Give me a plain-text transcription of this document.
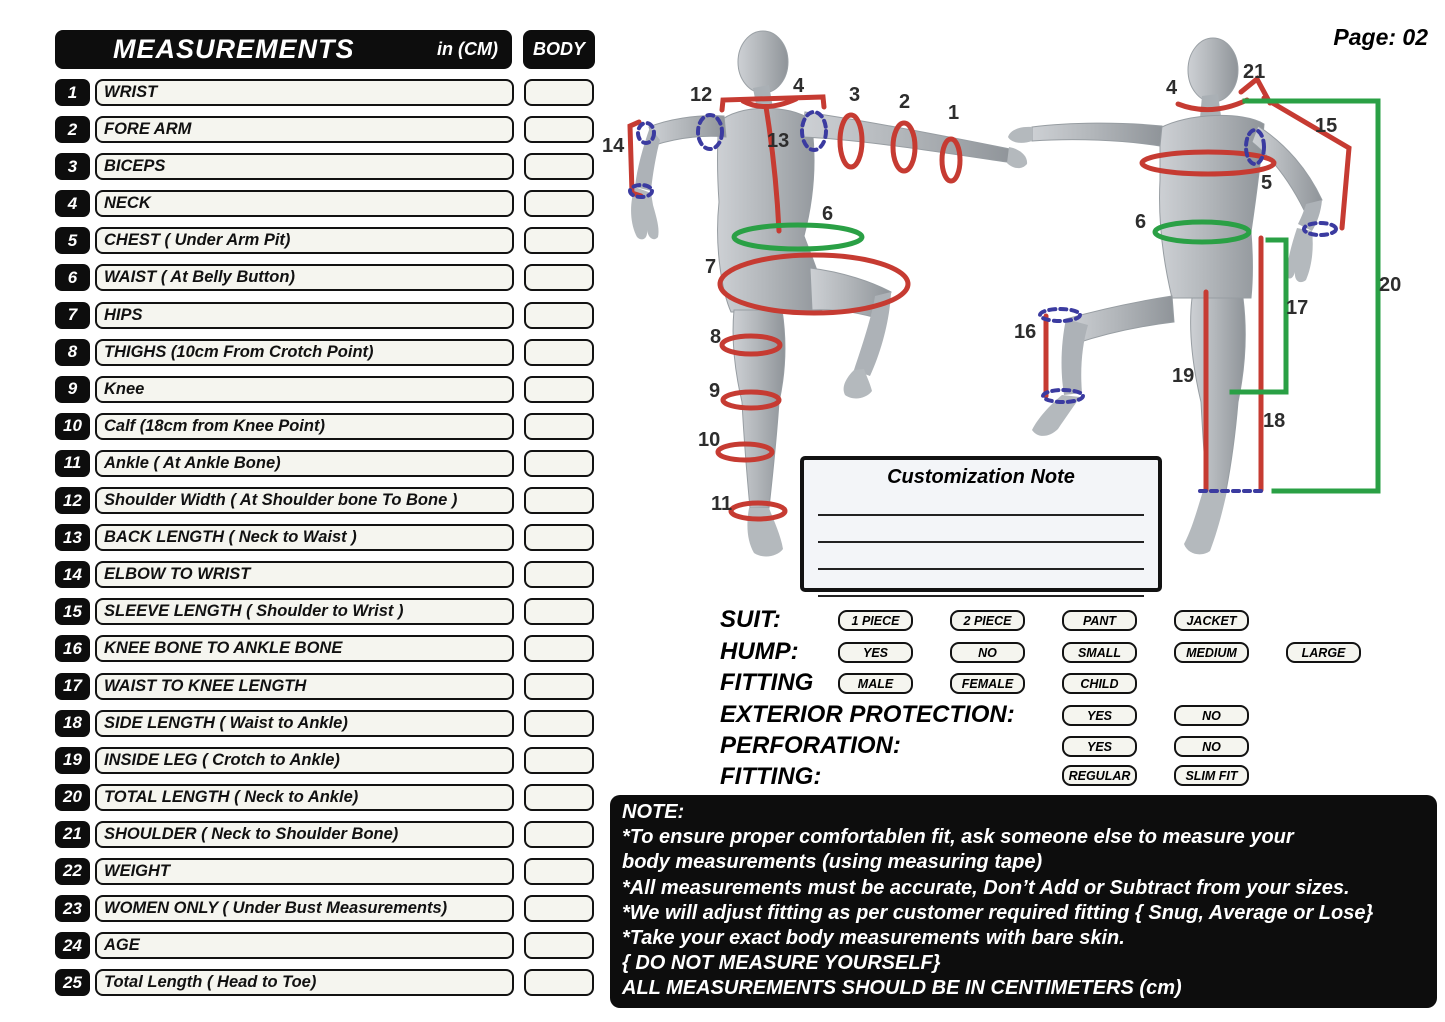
MEASUREMENTS	in (CM)	BODY
1	WRIST
2	FORE ARM
3	BICEPS
4	NECK
5	CHEST ( Under Arm Pit)
6	WAIST ( At Belly Button)
7	HIPS
8	THIGHS (10cm From Crotch Point)
9	Knee
10	Calf (18cm from Knee Point)
11	Ankle ( At Ankle Bone)
12	Shoulder Width ( At Shoulder bone To Bone )
13	BACK LENGTH ( Neck to Waist )
14	ELBOW TO WRIST
15	SLEEVE LENGTH ( Shoulder to Wrist )
16	KNEE BONE TO ANKLE BONE
17	WAIST TO KNEE LENGTH
18	SIDE LENGTH ( Waist to Ankle)
19	INSIDE LEG ( Crotch to Ankle)
20	TOTAL LENGTH ( Neck to Ankle)
21	SHOULDER ( Neck to Shoulder Bone)
22	WEIGHT
23	WOMEN ONLY ( Under Bust Measurements)
24	AGE
25	Total Length ( Head to Toe)
Page: 02
12	4 3 2 1
14	13
6
7
8
9
10
11
4
21
15
5
6
16
17
19
18
20
Customization Note
SUIT:	1 PIECE	2 PIECE	PANT	JACKET
HUMP:	YES	NO	SMALL	MEDIUM	LARGE
FITTING	MALE	FEMALE	CHILD
EXTERIOR PROTECTION:	YES	NO
PERFORATION:	YES	NO
FITTING:	REGULAR	SLIM FIT
NOTE:
*To ensure proper comfortablen fit, ask someone else to measure your
body measurements (using measuring tape)
*All measurements must be accurate, Don’t Add or Subtract from your sizes.
*We will adjust fitting as per customer required fitting { Snug, Average or Lose}
*Take your exact body measurements with bare skin.
{ DO NOT MEASURE YOURSELF}
ALL MEASUREMENTS SHOULD BE IN CENTIMETERS (cm)
